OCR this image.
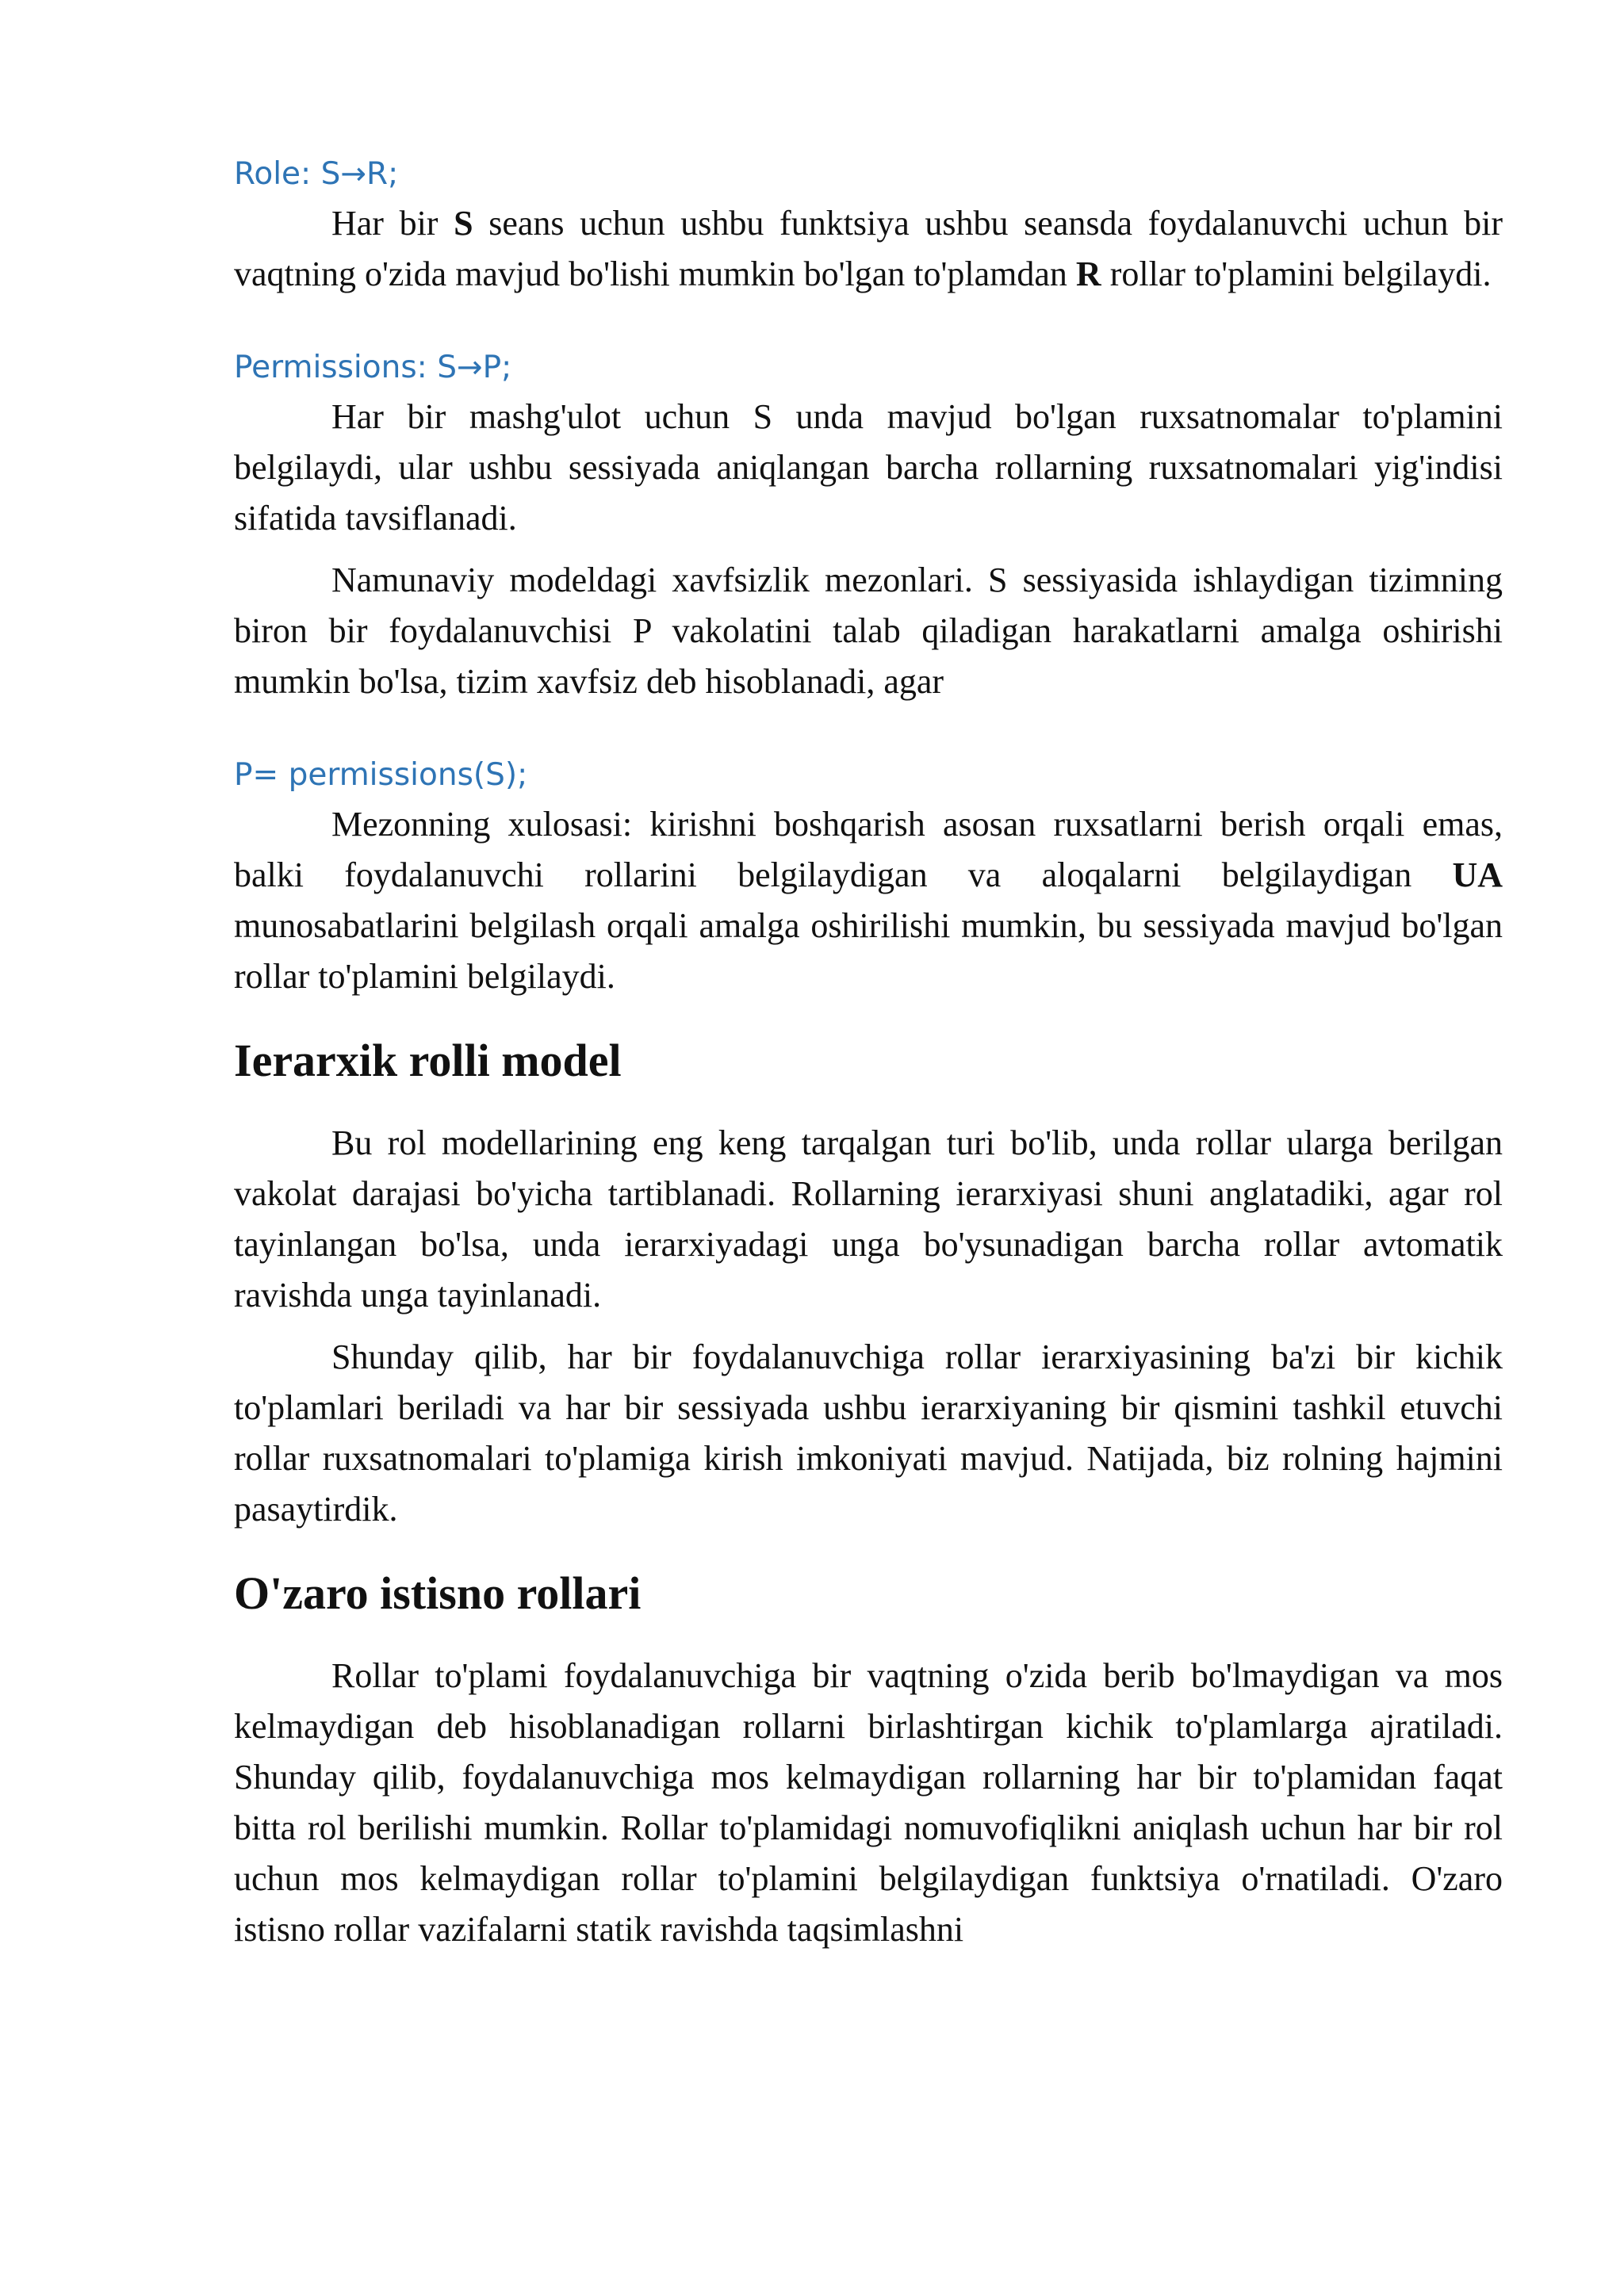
Role: S→R;

Har bir S seans uchun ushbu funktsiya ushbu seansda foydalanuvchi uchun bir vaqtning o'zida mavjud bo'lishi mumkin bo'lgan to'plamdan R rollar to'plamini belgilaydi.

Permissions: S→P;

Har bir mashg'ulot uchun S unda mavjud bo'lgan ruxsatnomalar to'plamini belgilaydi, ular ushbu sessiyada aniqlangan barcha rollarning ruxsatnomalari yig'indisi sifatida tavsiflanadi.

Namunaviy modeldagi xavfsizlik mezonlari. S sessiyasida ishlaydigan tizimning biron bir foydalanuvchisi P vakolatini talab qiladigan harakatlarni amalga oshirishi mumkin bo'lsa, tizim xavfsiz deb hisoblanadi, agar

P= permissions(S);

Mezonning xulosasi: kirishni boshqarish asosan ruxsatlarni berish orqali emas, balki foydalanuvchi rollarini belgilaydigan va aloqalarni belgilaydigan UA munosabatlarini belgilash orqali amalga oshirilishi mumkin, bu sessiyada mavjud bo'lgan rollar to'plamini belgilaydi.

Ierarxik rolli model

Bu rol modellarining eng keng tarqalgan turi bo'lib, unda rollar ularga berilgan vakolat darajasi bo'yicha tartiblanadi. Rollarning ierarxiyasi shuni anglatadiki, agar rol tayinlangan bo'lsa, unda ierarxiyadagi unga bo'ysunadigan barcha rollar avtomatik ravishda unga tayinlanadi.

Shunday qilib, har bir foydalanuvchiga rollar ierarxiyasining ba'zi bir kichik to'plamlari beriladi va har bir sessiyada ushbu ierarxiyaning bir qismini tashkil etuvchi rollar ruxsatnomalari to'plamiga kirish imkoniyati mavjud. Natijada, biz rolning hajmini pasaytirdik.

O'zaro istisno rollari

Rollar to'plami foydalanuvchiga bir vaqtning o'zida berib bo'lmaydigan va mos kelmaydigan deb hisoblanadigan rollarni birlashtirgan kichik to'plamlarga ajratiladi. Shunday qilib, foydalanuvchiga mos kelmaydigan rollarning har bir to'plamidan faqat bitta rol berilishi mumkin. Rollar to'plamidagi nomuvofiqlikni aniqlash uchun har bir rol uchun mos kelmaydigan rollar to'plamini belgilaydigan funktsiya o'rnatiladi. O'zaro istisno rollar vazifalarni statik ravishda taqsimlashni
